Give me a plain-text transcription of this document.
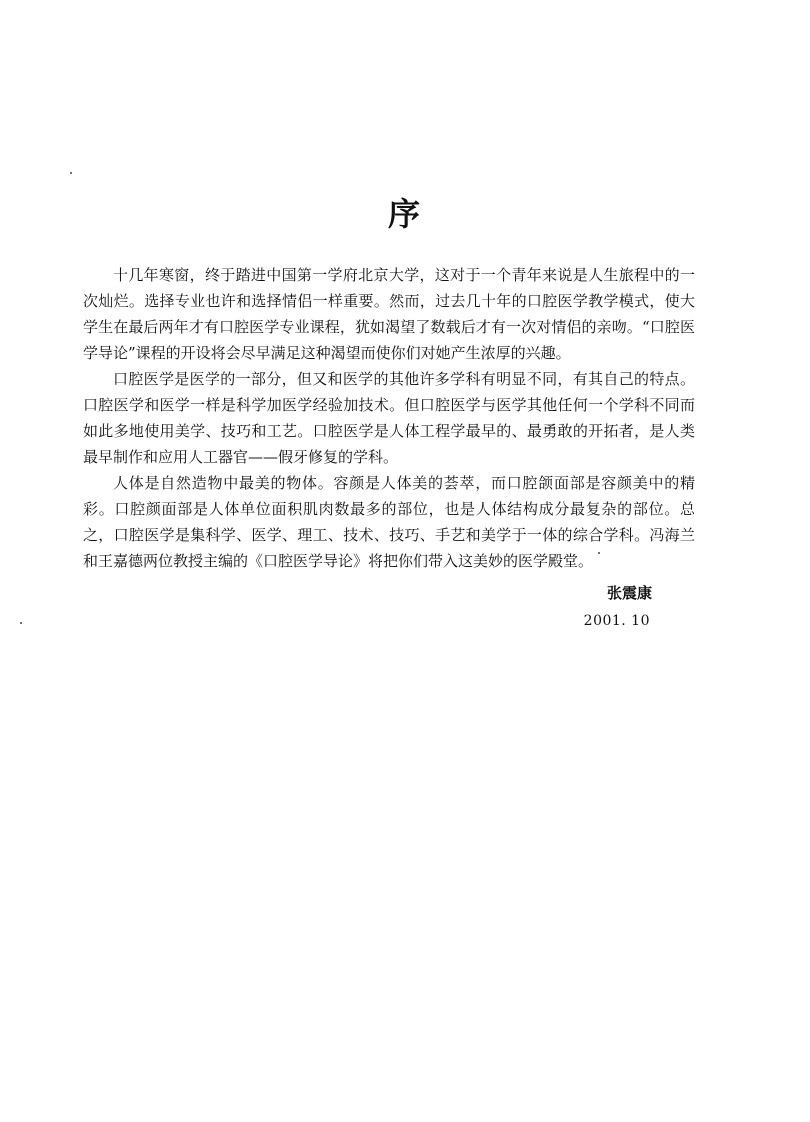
序

十几年寒窗，终于踏进中国第一学府北京大学，这对于一个青年来说是人生旅程中的一次灿烂。选择专业也许和选择情侣一样重要。然而，过去几十年的口腔医学教学模式，使大学生在最后两年才有口腔医学专业课程，犹如渴望了数载后才有一次对情侣的亲吻。“口腔医学导论”课程的开设将会尽早满足这种渴望而使你们对她产生浓厚的兴趣。

口腔医学是医学的一部分，但又和医学的其他许多学科有明显不同，有其自己的特点。口腔医学和医学一样是科学加医学经验加技术。但口腔医学与医学其他任何一个学科不同而如此多地使用美学、技巧和工艺。口腔医学是人体工程学最早的、最勇敢的开拓者，是人类最早制作和应用人工器官——假牙修复的学科。

人体是自然造物中最美的物体。容颜是人体美的荟萃，而口腔颌面部是容颜美中的精彩。口腔颜面部是人体单位面积肌肉数最多的部位，也是人体结构成分最复杂的部位。总之，口腔医学是集科学、医学、理工、技术、技巧、手艺和美学于一体的综合学科。冯海兰和王嘉德两位教授主编的《口腔医学导论》将把你们带入这美妙的医学殿堂。

张震康
2001. 10
